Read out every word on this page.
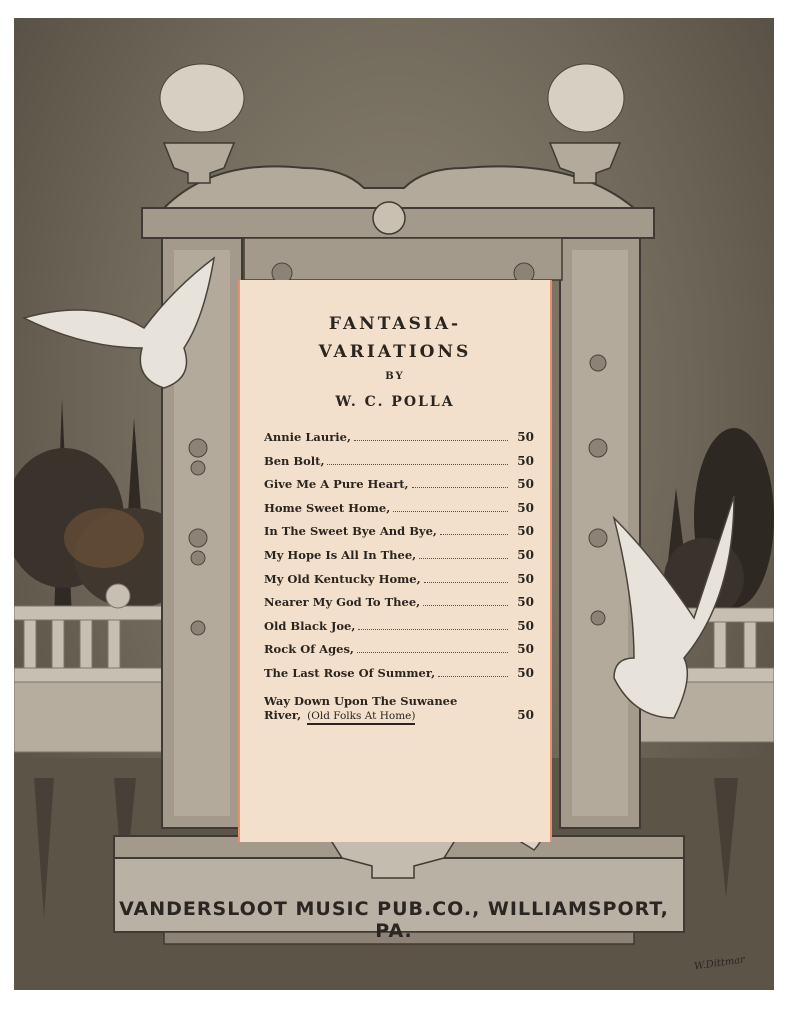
FANTASIA-
VARIATIONS
BY
W. C. POLLA
Annie Laurie,	50
Ben Bolt,	50
Give Me A Pure Heart,	50
Home Sweet Home,	50
In The Sweet Bye And Bye,	50
My Hope Is All In Thee,	50
My Old Kentucky Home,	50
Nearer My God To Thee,	50
Old Black Joe,	50
Rock Of Ages,	50
The Last Rose Of Summer,	50
Way Down Upon The Suwanee
River, (Old Folks At Home)	50
VANDERSLOOT MUSIC PUB.CO., WILLIAMSPORT, PA.
W.Dittmar
